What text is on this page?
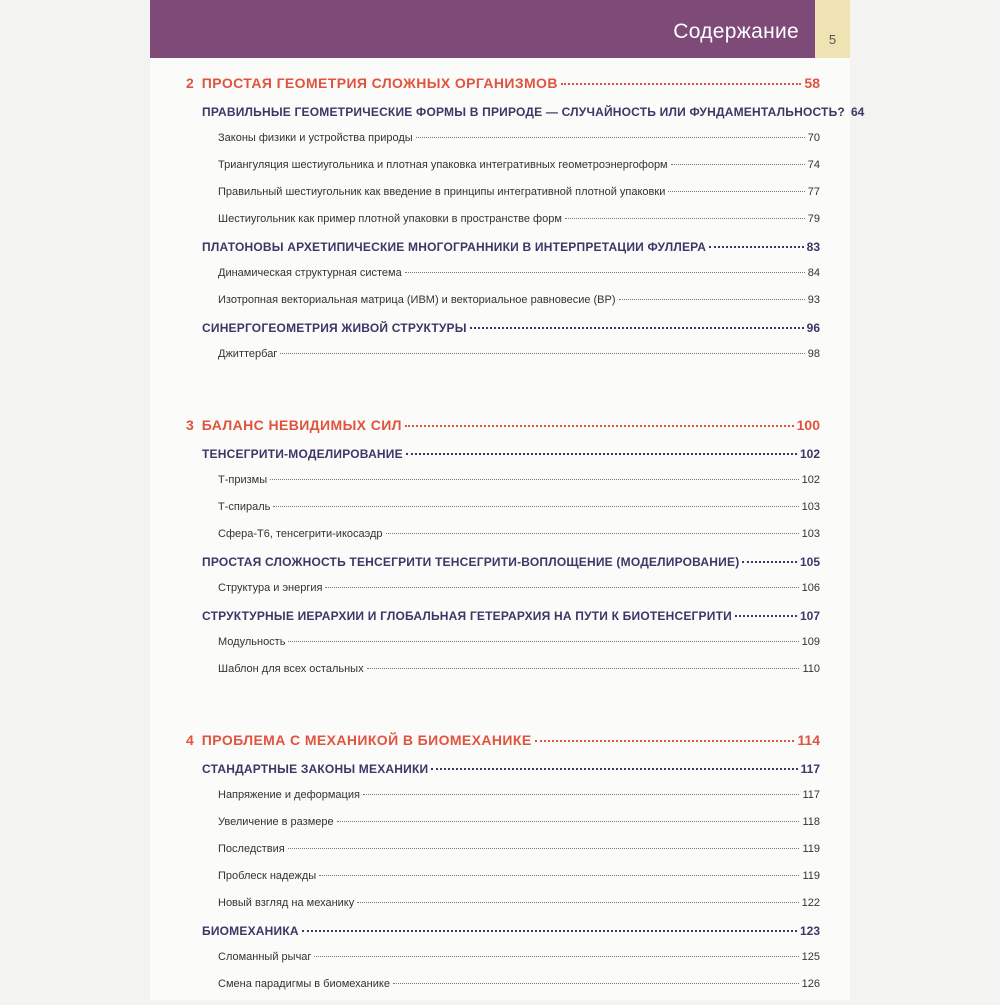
Содержание	5
2 ПРОСТАЯ ГЕОМЕТРИЯ СЛОЖНЫХ ОРГАНИЗМОВ	58
ПРАВИЛЬНЫЕ ГЕОМЕТРИЧЕСКИЕ ФОРМЫ В ПРИРОДЕ — СЛУЧАЙНОСТЬ ИЛИ ФУНДАМЕНТАЛЬНОСТЬ? 64
Законы физики и устройства природы	70
Триангуляция шестиугольника и плотная упаковка интегративных геометроэнергоформ	74
Правильный шестиугольник как введение в принципы интегративной плотной упаковки	77
Шестиугольник как пример плотной упаковки в пространстве форм	79
ПЛАТОНОВЫ АРХЕТИПИЧЕСКИЕ МНОГОГРАННИКИ В ИНТЕРПРЕТАЦИИ ФУЛЛЕРА	83
Динамическая структурная система	84
Изотропная векториальная матрица (ИВМ) и векториальное равновесие (ВР)	93
СИНЕРГОГЕОМЕТРИЯ ЖИВОЙ СТРУКТУРЫ	96
Джиттербаг	98
3 БАЛАНС НЕВИДИМЫХ СИЛ	100
ТЕНСЕГРИТИ-МОДЕЛИРОВАНИЕ	102
Т-призмы	102
Т-спираль	103
Сфера-Т6, тенсегрити-икосаэдр	103
ПРОСТАЯ СЛОЖНОСТЬ ТЕНСЕГРИТИ ТЕНСЕГРИТИ-ВОПЛОЩЕНИЕ (МОДЕЛИРОВАНИЕ)	105
Структура и энергия	106
СТРУКТУРНЫЕ ИЕРАРХИИ И ГЛОБАЛЬНАЯ ГЕТЕРАРХИЯ НА ПУТИ К БИОТЕНСЕГРИТИ	107
Модульность	109
Шаблон для всех остальных	110
4 ПРОБЛЕМА С МЕХАНИКОЙ В БИОМЕХАНИКЕ	114
СТАНДАРТНЫЕ ЗАКОНЫ МЕХАНИКИ	117
Напряжение и деформация	117
Увеличение в размере	118
Последствия	119
Проблеск надежды	119
Новый взгляд на механику	122
БИОМЕХАНИКА	123
Сломанный рычаг	125
Смена парадигмы в биомеханике	126
